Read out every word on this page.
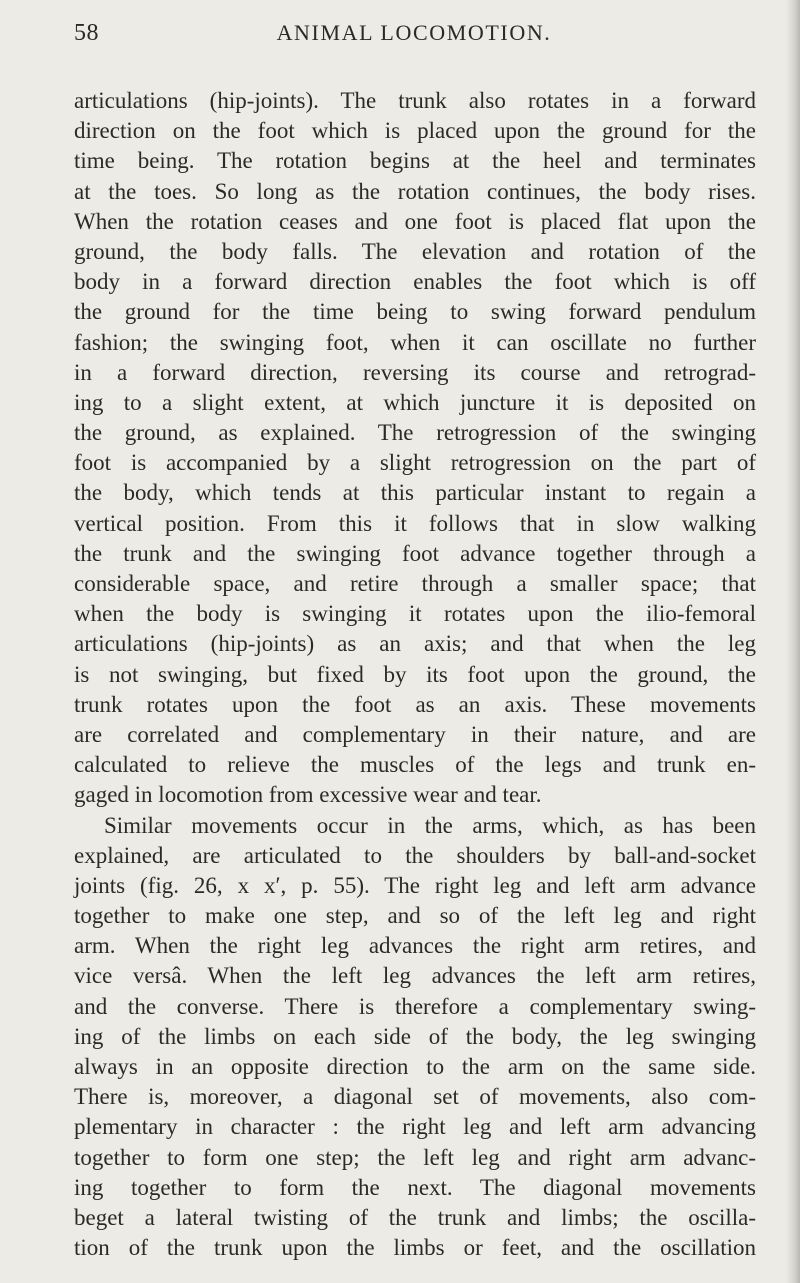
ANIMAL LOCOMOTION.
58
articulations (hip-joints). The trunk also rotates in a forward
direction on the foot which is placed upon the ground for the
time being. The rotation begins at the heel and terminates
at the toes. So long as the rotation continues, the body rises.
When the rotation ceases and one foot is placed flat upon the
ground, the body falls. The elevation and rotation of the
body in a forward direction enables the foot which is off
the ground for the time being to swing forward pendulum
fashion; the swinging foot, when it can oscillate no further
in a forward direction, reversing its course and retrograd-
ing to a slight extent, at which juncture it is deposited on
the ground, as explained. The retrogression of the swinging
foot is accompanied by a slight retrogression on the part of
the body, which tends at this particular instant to regain a
vertical position. From this it follows that in slow walking
the trunk and the swinging foot advance together through a
considerable space, and retire through a smaller space; that
when the body is swinging it rotates upon the ilio-femoral
articulations (hip-joints) as an axis; and that when the leg
is not swinging, but fixed by its foot upon the ground, the
trunk rotates upon the foot as an axis. These movements
are correlated and complementary in their nature, and are
calculated to relieve the muscles of the legs and trunk en-
gaged in locomotion from excessive wear and tear.
Similar movements occur in the arms, which, as has been
explained, are articulated to the shoulders by ball-and-socket
joints (fig. 26, x x′, p. 55). The right leg and left arm advance
together to make one step, and so of the left leg and right
arm. When the right leg advances the right arm retires, and
vice versâ. When the left leg advances the left arm retires,
and the converse. There is therefore a complementary swing-
ing of the limbs on each side of the body, the leg swinging
always in an opposite direction to the arm on the same side.
There is, moreover, a diagonal set of movements, also com-
plementary in character : the right leg and left arm advancing
together to form one step; the left leg and right arm advanc-
ing together to form the next. The diagonal movements
beget a lateral twisting of the trunk and limbs; the oscilla-
tion of the trunk upon the limbs or feet, and the oscillation
